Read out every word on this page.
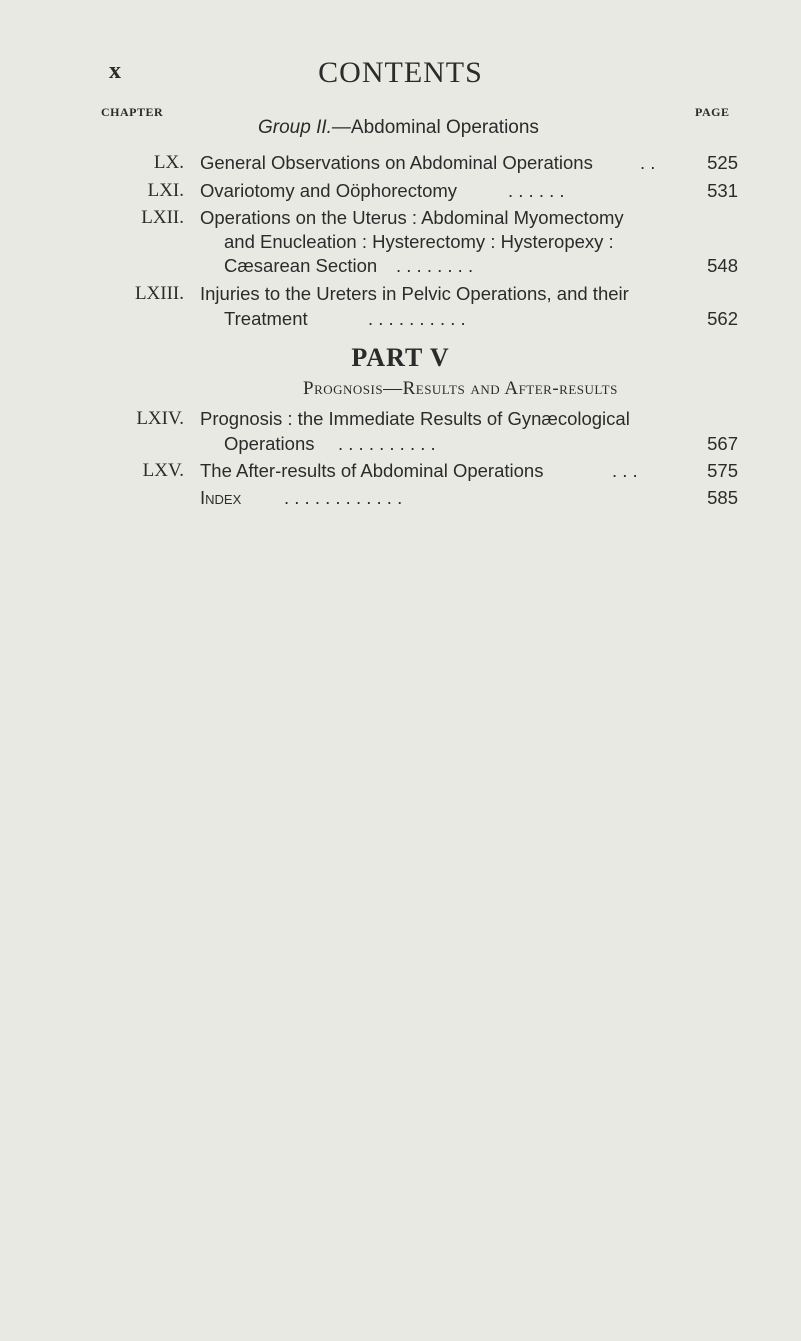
x	CONTENTS
CHAPTER	PAGE
Group II.—Abdominal Operations
LX. General Observations on Abdominal Operations	. .	525
LXI. Ovariotomy and Oöphorectomy	. . . . . .	531
LXII. Operations on the Uterus : Abdominal Myomectomy
and Enucleation : Hysterectomy : Hysteropexy :
Cæsarean Section . . . . . . . .	548
LXIII. Injuries to the Ureters in Pelvic Operations, and their
Treatment	. . . . . . . . . .	562
PART V
Prognosis—Results and After-results
LXIV. Prognosis : the Immediate Results of Gynæcological
Operations . . . . . . . . . .	567
LXV. The After-results of Abdominal Operations	. . .	575
Index . . . . . . . . . . . .	585
